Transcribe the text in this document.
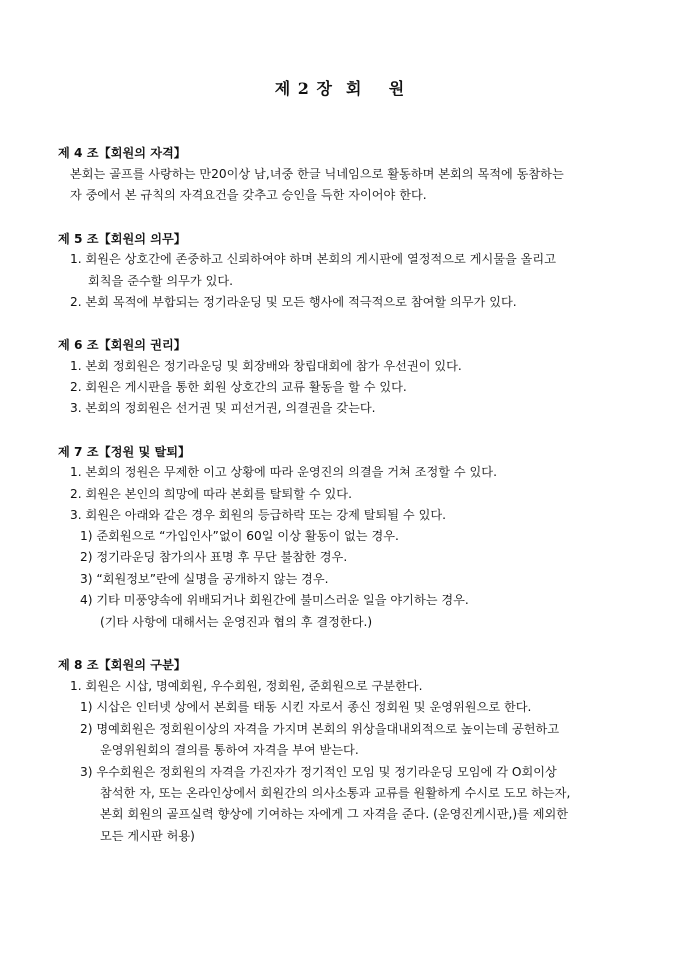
제 2 장  회    원
제 4 조【회원의 자격】
본회는 골프를 사랑하는 만20이상 남,녀중 한글 닉네임으로 활동하며 본회의 목적에 동참하는
자 중에서 본 규칙의 자격요건을 갖추고 승인을 득한 자이어야 한다.
제 5 조【회원의 의무】
1. 회원은 상호간에 존중하고 신뢰하여야 하며 본회의 게시판에 열정적으로 게시물을 올리고
회칙을 준수할 의무가 있다.
2. 본회 목적에 부합되는 정기라운딩 및 모든 행사에 적극적으로 참여할 의무가 있다.
제 6 조【회원의 권리】
1. 본회 정회원은 정기라운딩 및 회장배와 창립대회에 참가 우선권이 있다.
2. 회원은 게시판을 통한 회원 상호간의 교류 활동을 할 수 있다.
3. 본회의 정회원은 선거권 및 피선거권, 의결권을 갖는다.
제 7 조【정원 및 탈퇴】
1. 본회의 정원은 무제한 이고 상황에 따라 운영진의 의결을 거쳐 조정할 수 있다.
2. 회원은 본인의 희망에 따라 본회를 탈퇴할 수 있다.
3. 회원은 아래와 같은 경우 회원의 등급하락 또는 강제 탈퇴될 수 있다.
1) 준회원으로 “가입인사”없이 60일 이상 활동이 없는 경우.
2) 정기라운딩 참가의사 표명 후 무단 불참한 경우.
3) “회원정보”란에 실명을 공개하지 않는 경우.
4) 기타 미풍양속에 위배되거나 회원간에 불미스러운 일을 야기하는 경우.
(기타 사항에 대해서는 운영진과 협의 후 결정한다.)
제 8 조【회원의 구분】
1. 회원은 시삽, 명예회원, 우수회원, 정회원, 준회원으로 구분한다.
1) 시삽은 인터넷 상에서 본회를 태동 시킨 자로서 종신 정회원 및 운영위원으로 한다.
2) 명예회원은 정회원이상의 자격을 가지며 본회의 위상을대내외적으로 높이는데 공헌하고
운영위원회의 결의를 통하여 자격을 부여 받는다.
3) 우수회원은 정회원의 자격을 가진자가 정기적인 모임 및 정기라운딩 모임에 각 O회이상
참석한 자, 또는 온라인상에서 회원간의 의사소통과 교류를 원활하게 수시로 도모 하는자,
본회 회원의 골프실력 향상에 기여하는 자에게 그 자격을 준다. (운영진게시판,)를 제외한
모든 게시판 허용)
